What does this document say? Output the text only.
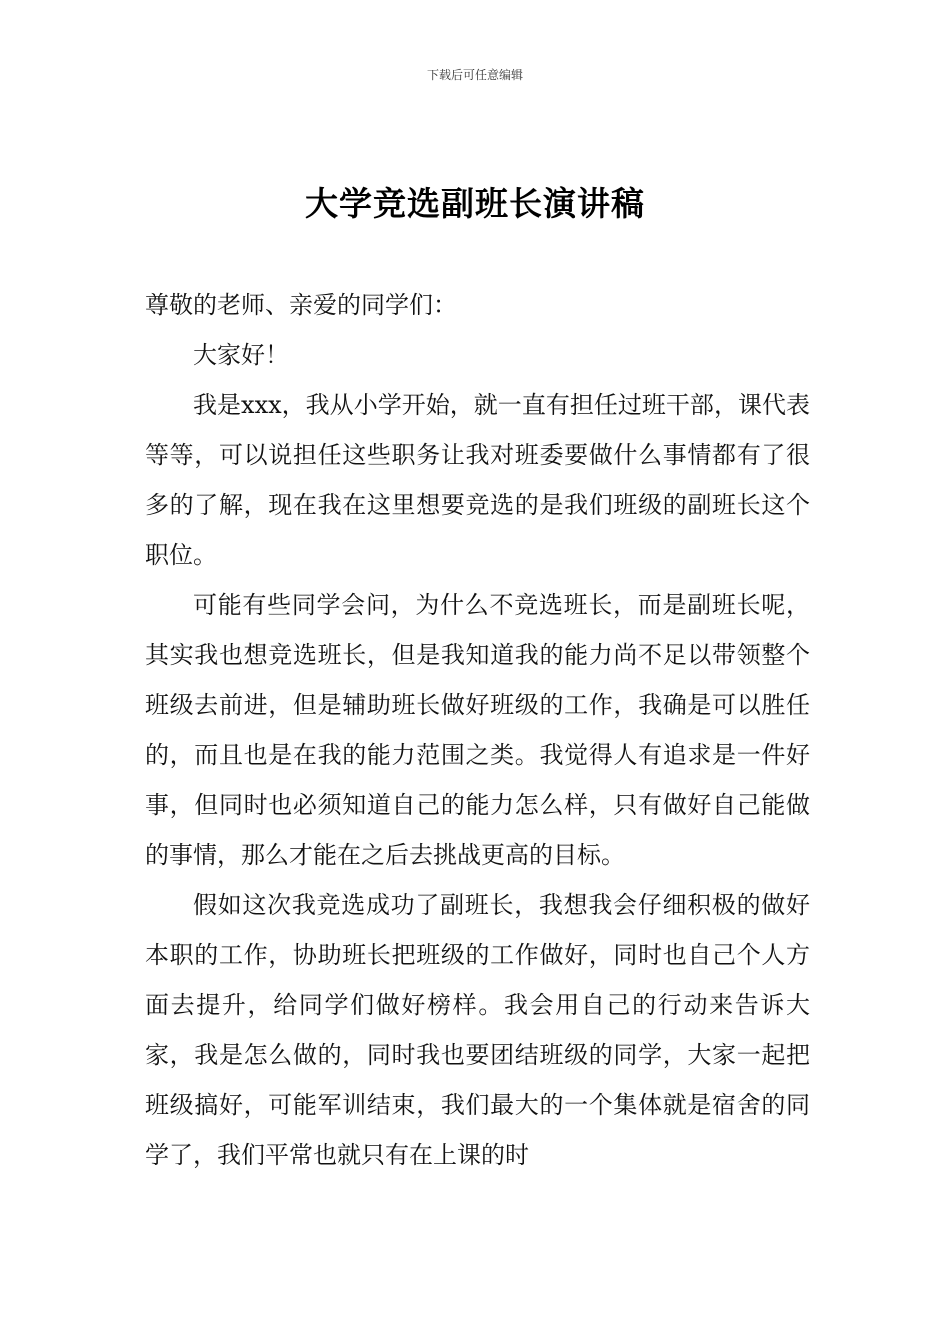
下载后可任意编辑
大学竞选副班长演讲稿

尊敬的老师、亲爱的同学们：

大家好！

我是xxx，我从小学开始，就一直有担任过班干部，课代表等等，可以说担任这些职务让我对班委要做什么事情都有了很多的了解，现在我在这里想要竞选的是我们班级的副班长这个职位。

可能有些同学会问，为什么不竞选班长，而是副班长呢，其实我也想竞选班长，但是我知道我的能力尚不足以带领整个班级去前进，但是辅助班长做好班级的工作，我确是可以胜任的，而且也是在我的能力范围之类。我觉得人有追求是一件好事，但同时也必须知道自己的能力怎么样，只有做好自己能做的事情，那么才能在之后去挑战更高的目标。

假如这次我竞选成功了副班长，我想我会仔细积极的做好本职的工作，协助班长把班级的工作做好，同时也自己个人方面去提升，给同学们做好榜样。我会用自己的行动来告诉大家，我是怎么做的，同时我也要团结班级的同学，大家一起把班级搞好，可能军训结束，我们最大的一个集体就是宿舍的同学了，我们平常也就只有在上课的时
